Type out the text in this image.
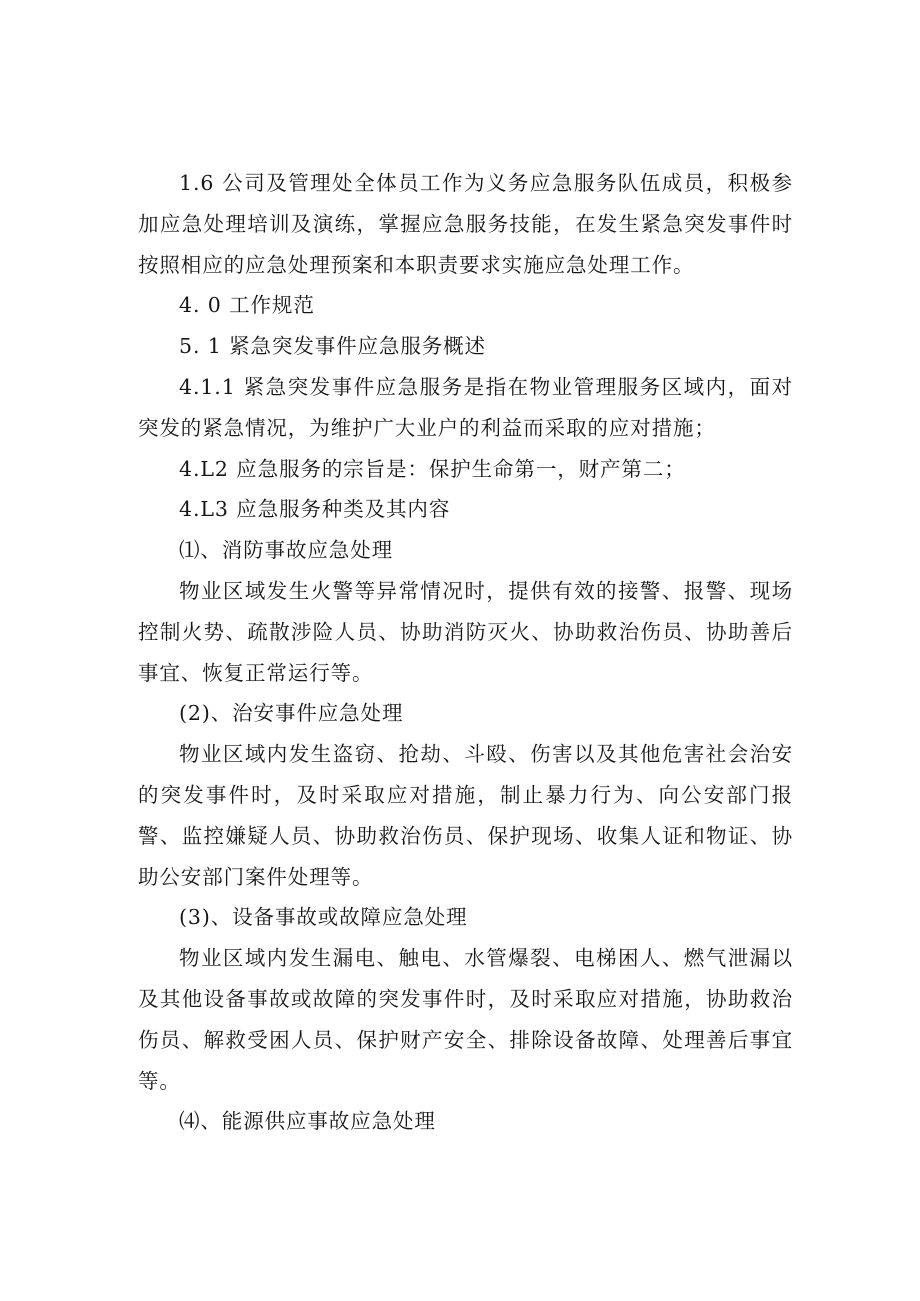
1.6 公司及管理处全体员工作为义务应急服务队伍成员，积极参加应急处理培训及演练，掌握应急服务技能，在发生紧急突发事件时按照相应的应急处理预案和本职责要求实施应急处理工作。

4. 0 工作规范

5. 1 紧急突发事件应急服务概述

4.1.1 紧急突发事件应急服务是指在物业管理服务区域内，面对突发的紧急情况，为维护广大业户的利益而采取的应对措施；

4.L2 应急服务的宗旨是：保护生命第一，财产第二；

4.L3 应急服务种类及其内容

⑴、消防事故应急处理

物业区域发生火警等异常情况时，提供有效的接警、报警、现场控制火势、疏散涉险人员、协助消防灭火、协助救治伤员、协助善后事宜、恢复正常运行等。

(2)、治安事件应急处理

物业区域内发生盗窃、抢劫、斗殴、伤害以及其他危害社会治安的突发事件时，及时采取应对措施，制止暴力行为、向公安部门报警、监控嫌疑人员、协助救治伤员、保护现场、收集人证和物证、协助公安部门案件处理等。

(3)、设备事故或故障应急处理

物业区域内发生漏电、触电、水管爆裂、电梯困人、燃气泄漏以及其他设备事故或故障的突发事件时，及时采取应对措施，协助救治伤员、解救受困人员、保护财产安全、排除设备故障、处理善后事宜等。

⑷、能源供应事故应急处理
